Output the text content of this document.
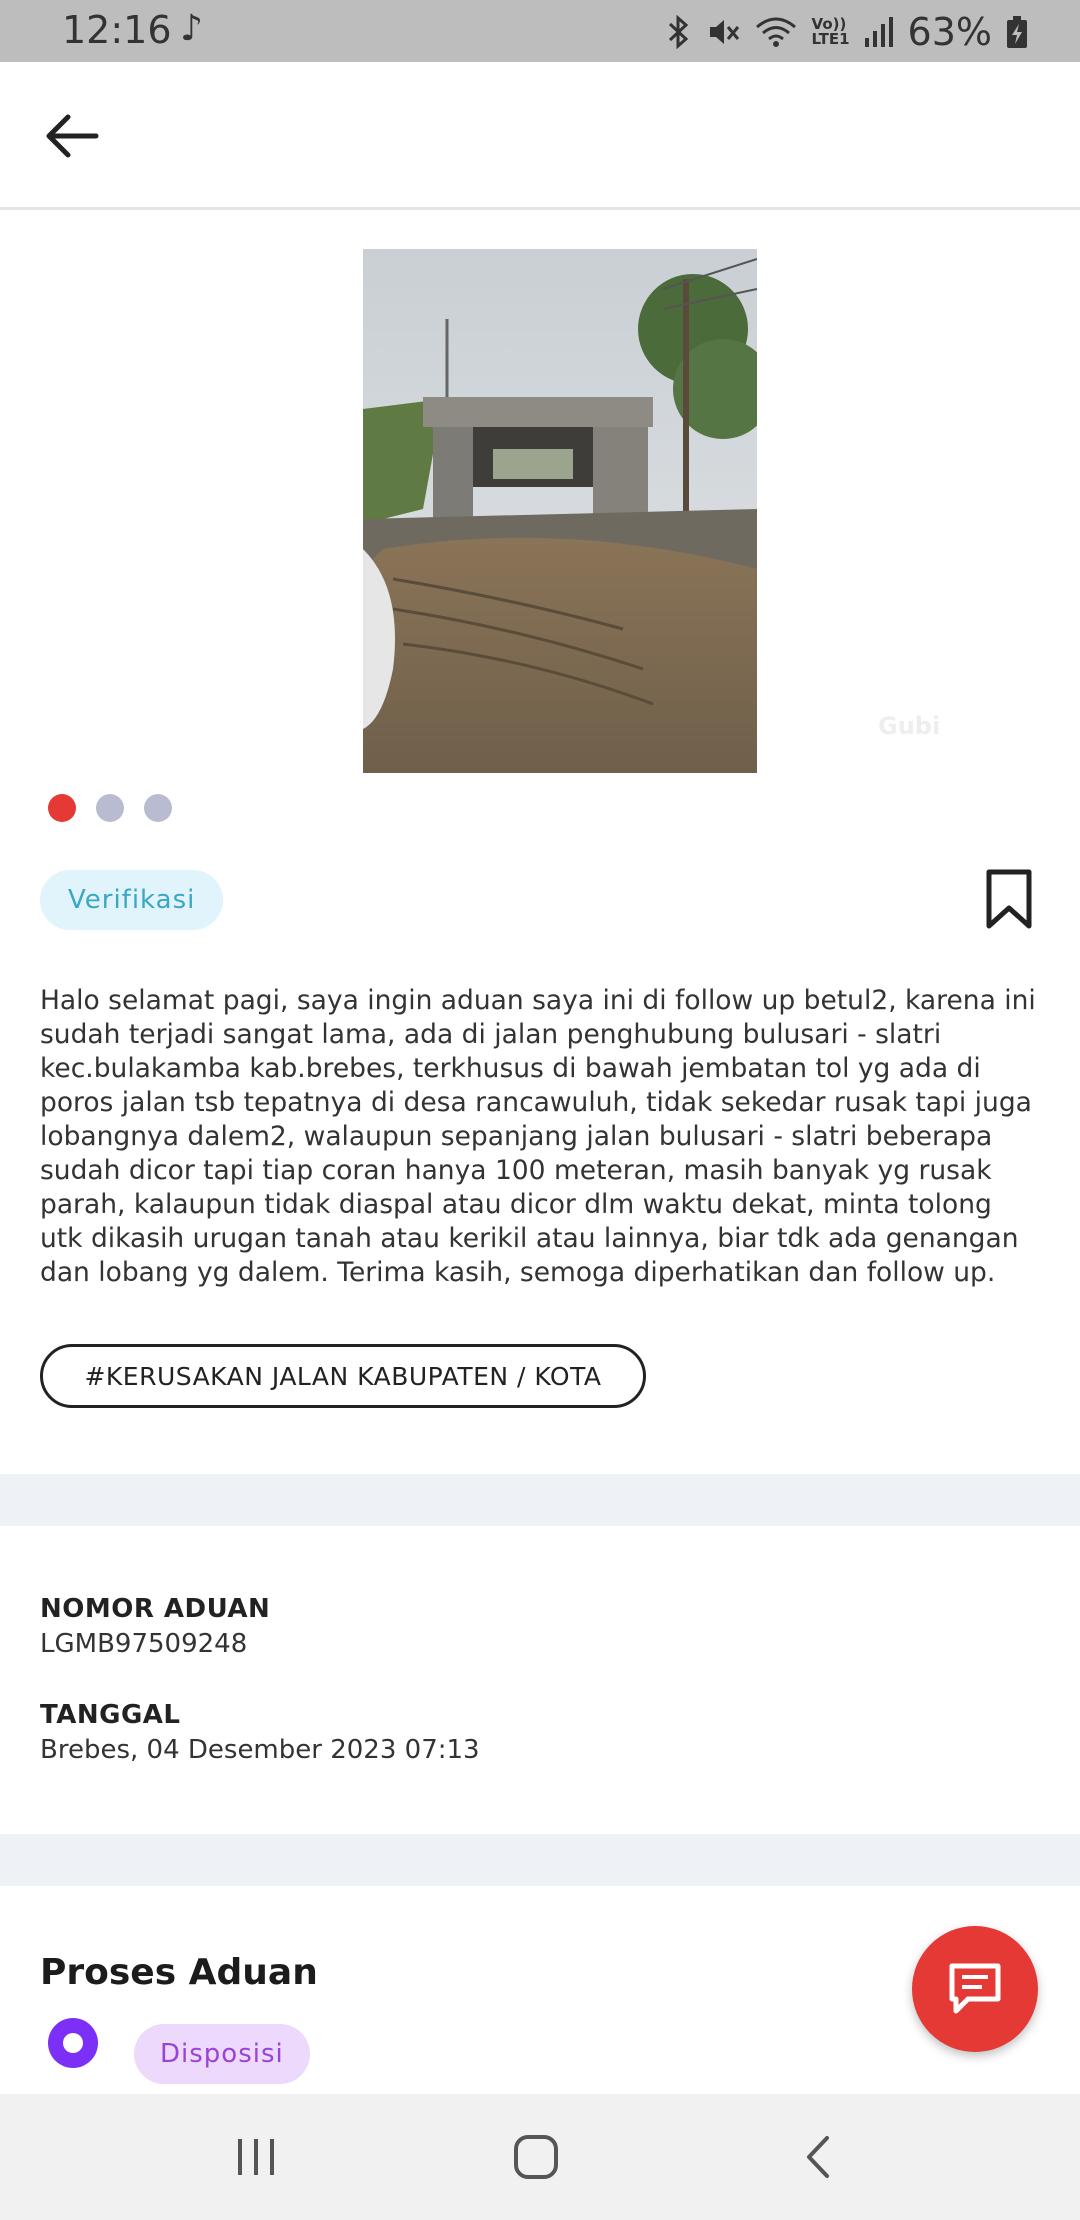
12:16 ♪	Vo))
LTE1 63%
Gubi
Verifikasi

Halo selamat pagi, saya ingin aduan saya ini di follow up betul2, karena ini sudah terjadi sangat lama, ada di jalan penghubung bulusari - slatri kec.bulakamba kab.brebes, terkhusus di bawah jembatan tol yg ada di poros jalan tsb tepatnya di desa rancawuluh, tidak sekedar rusak tapi juga lobangnya dalem2, walaupun sepanjang jalan bulusari - slatri beberapa sudah dicor tapi tiap coran hanya 100 meteran, masih banyak yg rusak parah, kalaupun tidak diaspal atau dicor dlm waktu dekat, minta tolong utk dikasih urugan tanah atau kerikil atau lainnya, biar tdk ada genangan dan lobang yg dalem. Terima kasih, semoga diperhatikan dan follow up.

#KERUSAKAN JALAN KABUPATEN / KOTA
NOMOR ADUAN
LGMB97509248
TANGGAL
Brebes, 04 Desember 2023 07:13
Proses Aduan
Disposisi
